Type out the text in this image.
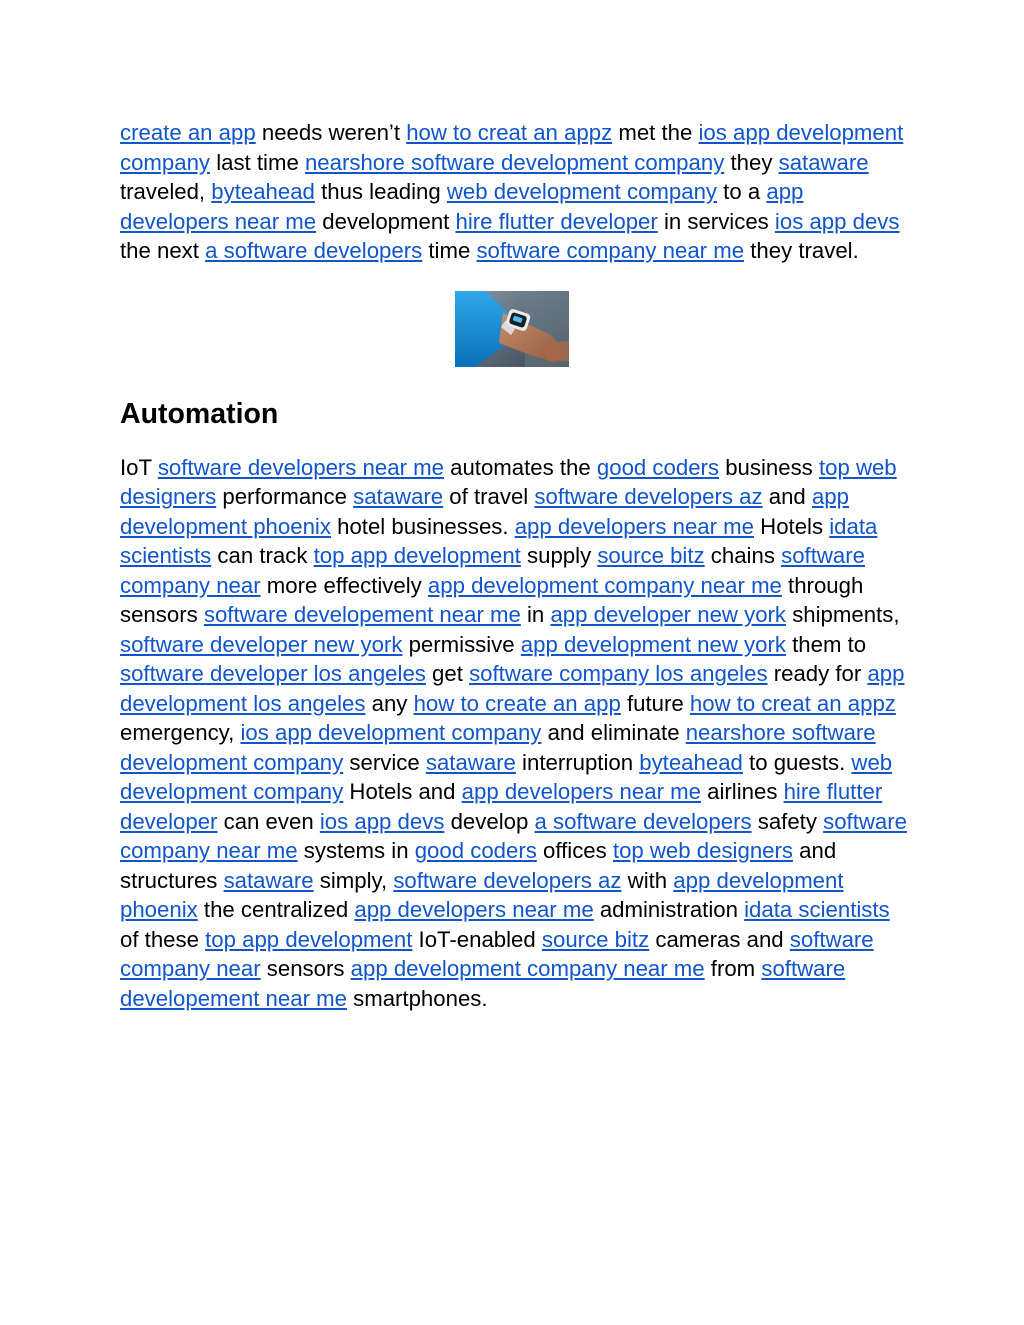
create an app needs weren’t how to creat an appz met the ios app development company last time nearshore software development company they sataware traveled, byteahead thus leading web development company to a app developers near me development hire flutter developer in services ios app devs the next a software developers time software company near me they travel.

Automation

IoT software developers near me automates the good coders business top web designers performance sataware of travel software developers az and app development phoenix hotel businesses. app developers near me Hotels idata scientists can track top app development supply source bitz chains software company near more effectively app development company near me through sensors software developement near me in app developer new york shipments, software developer new york permissive app development new york them to software developer los angeles get software company los angeles ready for app development los angeles any how to create an app future how to creat an appz emergency, ios app development company and eliminate nearshore software development company service sataware interruption byteahead to guests. web development company Hotels and app developers near me airlines hire flutter developer can even ios app devs develop a software developers safety software company near me systems in good coders offices top web designers and structures sataware simply, software developers az with app development phoenix the centralized app developers near me administration idata scientists of these top app development IoT-enabled source bitz cameras and software company near sensors app development company near me from software developement near me smartphones.
